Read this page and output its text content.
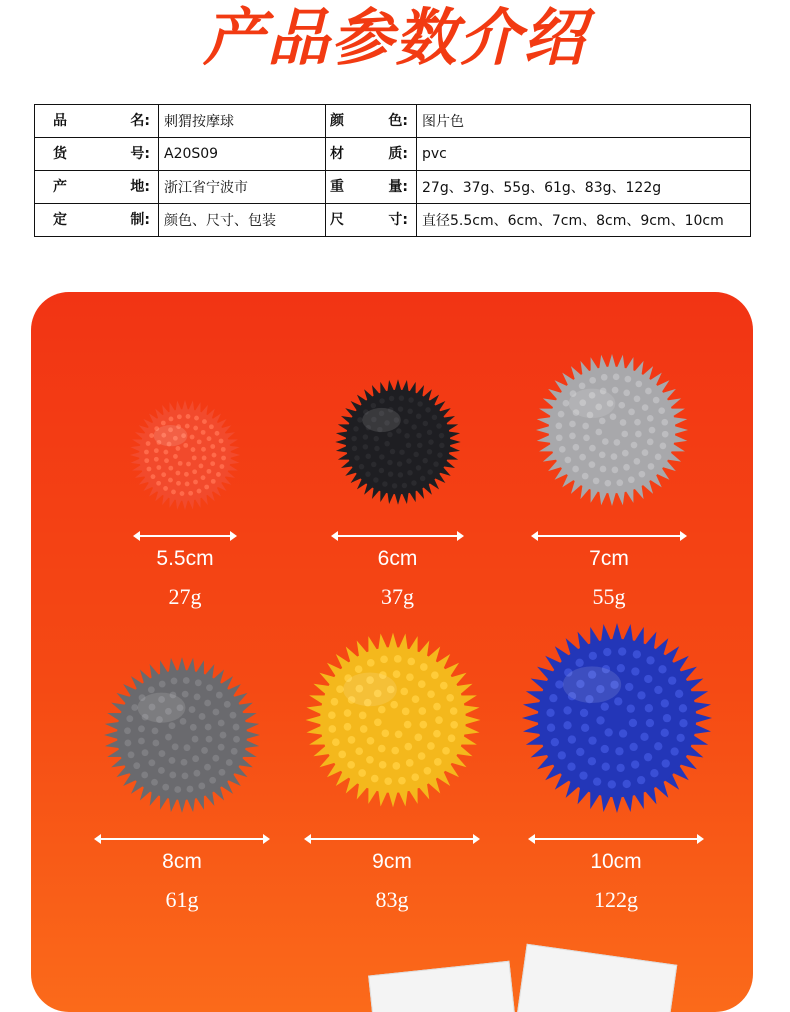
产品参数介绍
品 名:	刺猬按摩球	颜 色:	图片色

货 号:	A20S09	材 质:	pvc

产 地:	浙江省宁波市	重 量:	27g、37g、55g、61g、83g、122g

定 制:	颜色、尺寸、包装	尺 寸:	直径5.5cm、6cm、7cm、8cm、9cm、10cm
5.5cm
27g
6cm
37g
7cm
55g
8cm
61g
9cm
83g
10cm
122g
